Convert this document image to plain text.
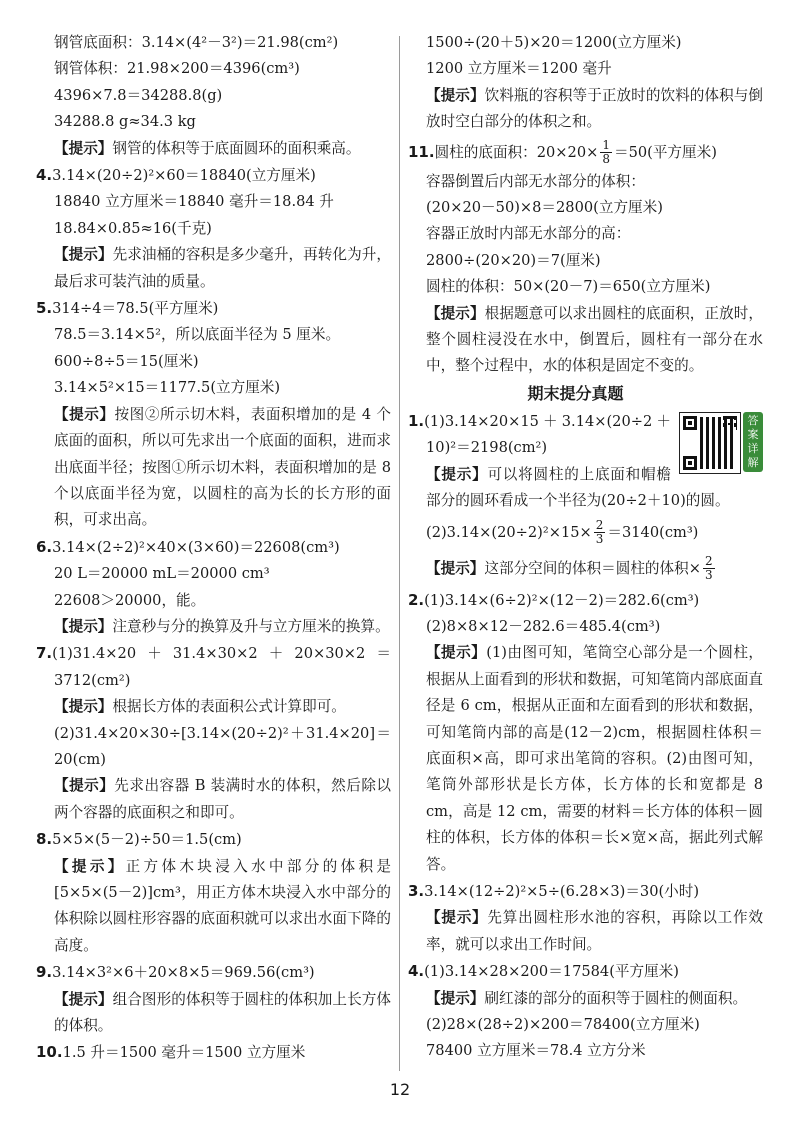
钢管底面积：3.14×(4²－3²)＝21.98(cm²)
钢管体积：21.98×200＝4396(cm³)
4396×7.8＝34288.8(g)
34288.8 g≈34.3 kg
【提示】钢管的体积等于底面圆环的面积乘高。
4.3.14×(20÷2)²×60＝18840(立方厘米)
18840 立方厘米＝18840 毫升＝18.84 升
18.84×0.85≈16(千克)
【提示】先求油桶的容积是多少毫升，再转化为升，最后求可装汽油的质量。
5.314÷4＝78.5(平方厘米)
78.5＝3.14×5²，所以底面半径为 5 厘米。
600÷8÷5＝15(厘米)
3.14×5²×15＝1177.5(立方厘米)
【提示】按图②所示切木料，表面积增加的是 4 个底面的面积，所以可先求出一个底面的面积，进而求出底面半径；按图①所示切木料，表面积增加的是 8 个以底面半径为宽，以圆柱的高为长的长方形的面积，可求出高。
6.3.14×(2÷2)²×40×(3×60)＝22608(cm³)
20 L＝20000 mL＝20000 cm³
22608＞20000，能。
【提示】注意秒与分的换算及升与立方厘米的换算。
7.(1)31.4×20＋31.4×30×2＋20×30×2＝3712(cm²)
【提示】根据长方体的表面积公式计算即可。
(2)31.4×20×30÷[3.14×(20÷2)²＋31.4×20]＝20(cm)
【提示】先求出容器 B 装满时水的体积，然后除以两个容器的底面积之和即可。
8.5×5×(5－2)÷50＝1.5(cm)
【提示】正方体木块浸入水中部分的体积是[5×5×(5－2)]cm³，用正方体木块浸入水中部分的体积除以圆柱形容器的底面积就可以求出水面下降的高度。
9.3.14×3²×6＋20×8×5＝969.56(cm³)
【提示】组合图形的体积等于圆柱的体积加上长方体的体积。
10.1.5 升＝1500 毫升＝1500 立方厘米
1500÷(20＋5)×20＝1200(立方厘米)
1200 立方厘米＝1200 毫升
【提示】饮料瓶的容积等于正放时的饮料的体积与倒放时空白部分的体积之和。
11.圆柱的底面积：$20\times 20\times \frac{1}{8} =50$(平方厘米)
容器倒置后内部无水部分的体积：
(20×20－50)×8＝2800(立方厘米)
容器正放时内部无水部分的高：
2800÷(20×20)＝7(厘米)
圆柱的体积：50×(20－7)＝650(立方厘米)
【提示】根据题意可以求出圆柱的底面积，正放时，整个圆柱浸没在水中，倒置后，圆柱有一部分在水中，整个过程中，水的体积是固定不变的。
期末提分真题
答
案
详
解
1.(1)3.14×20×15＋3.14×(20÷2＋10)²＝2198(cm²)
【提示】可以将圆柱的上底面和帽檐部分的圆环看成一个半径为(20÷2＋10)的圆。
$(2)3.14\times(20\div 2)^2\times 15\times \frac{2}{3} =3140(cm^3)$
【提示】这部分空间的体积＝圆柱的体积× $\frac{2}{3}$
2.(1)3.14×(6÷2)²×(12－2)＝282.6(cm³)
(2)8×8×12－282.6＝485.4(cm³)
【提示】(1)由图可知，笔筒空心部分是一个圆柱，根据从上面看到的形状和数据，可知笔筒内部底面直径是 6 cm，根据从正面和左面看到的形状和数据，可知笔筒内部的高是(12－2)cm，根据圆柱体积＝底面积×高，即可求出笔筒的容积。(2)由图可知，笔筒外部形状是长方体，长方体的长和宽都是 8 cm，高是 12 cm，需要的材料＝长方体的体积－圆柱的体积，长方体的体积＝长×宽×高，据此列式解答。
3.3.14×(12÷2)²×5÷(6.28×3)＝30(小时)
【提示】先算出圆柱形水池的容积，再除以工作效率，就可以求出工作时间。
4.(1)3.14×28×200＝17584(平方厘米)
【提示】刷红漆的部分的面积等于圆柱的侧面积。
(2)28×(28÷2)×200＝78400(立方厘米)
78400 立方厘米＝78.4 立方分米
12
